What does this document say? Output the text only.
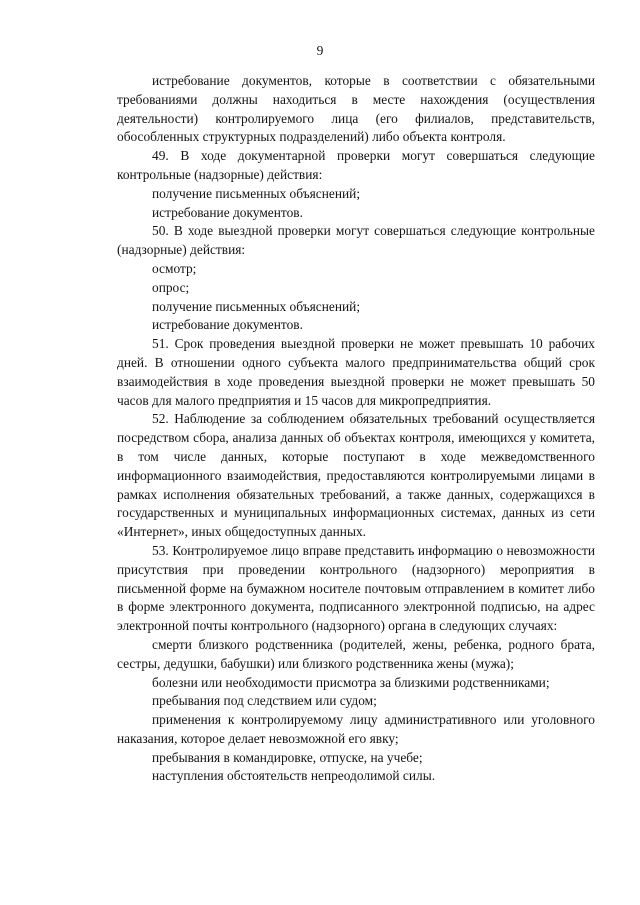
9

истребование документов, которые в соответствии с обязательными требованиями должны находиться в месте нахождения (осуществления деятельности) контролируемого лица (его филиалов, представительств, обособленных структурных подразделений) либо объекта контроля.

49. В ходе документарной проверки могут совершаться следующие контрольные (надзорные) действия:

получение письменных объяснений;

истребование документов.

50. В ходе выездной проверки могут совершаться следующие контрольные (надзорные) действия:

осмотр;

опрос;

получение письменных объяснений;

истребование документов.

51. Срок проведения выездной проверки не может превышать 10 рабочих дней. В отношении одного субъекта малого предпринимательства общий срок взаимодействия в ходе проведения выездной проверки не может превышать 50 часов для малого предприятия и 15 часов для микропредприятия.

52. Наблюдение за соблюдением обязательных требований осуществляется посредством сбора, анализа данных об объектах контроля, имеющихся у комитета, в том числе данных, которые поступают в ходе межведомственного информационного взаимодействия, предоставляются контролируемыми лицами в рамках исполнения обязательных требований, а также данных, содержащихся в государственных и муниципальных информационных системах, данных из сети «Интернет», иных общедоступных данных.

53. Контролируемое лицо вправе представить информацию о невозможности присутствия при проведении контрольного (надзорного) мероприятия в письменной форме на бумажном носителе почтовым отправлением в комитет либо в форме электронного документа, подписанного электронной подписью, на адрес электронной почты контрольного (надзорного) органа в следующих случаях:

смерти близкого родственника (родителей, жены, ребенка, родного брата, сестры, дедушки, бабушки) или близкого родственника жены (мужа);

болезни или необходимости присмотра за близкими родственниками;

пребывания под следствием или судом;

применения к контролируемому лицу административного или уголовного наказания, которое делает невозможной его явку;

пребывания в командировке, отпуске, на учебе;

наступления обстоятельств непреодолимой силы.
